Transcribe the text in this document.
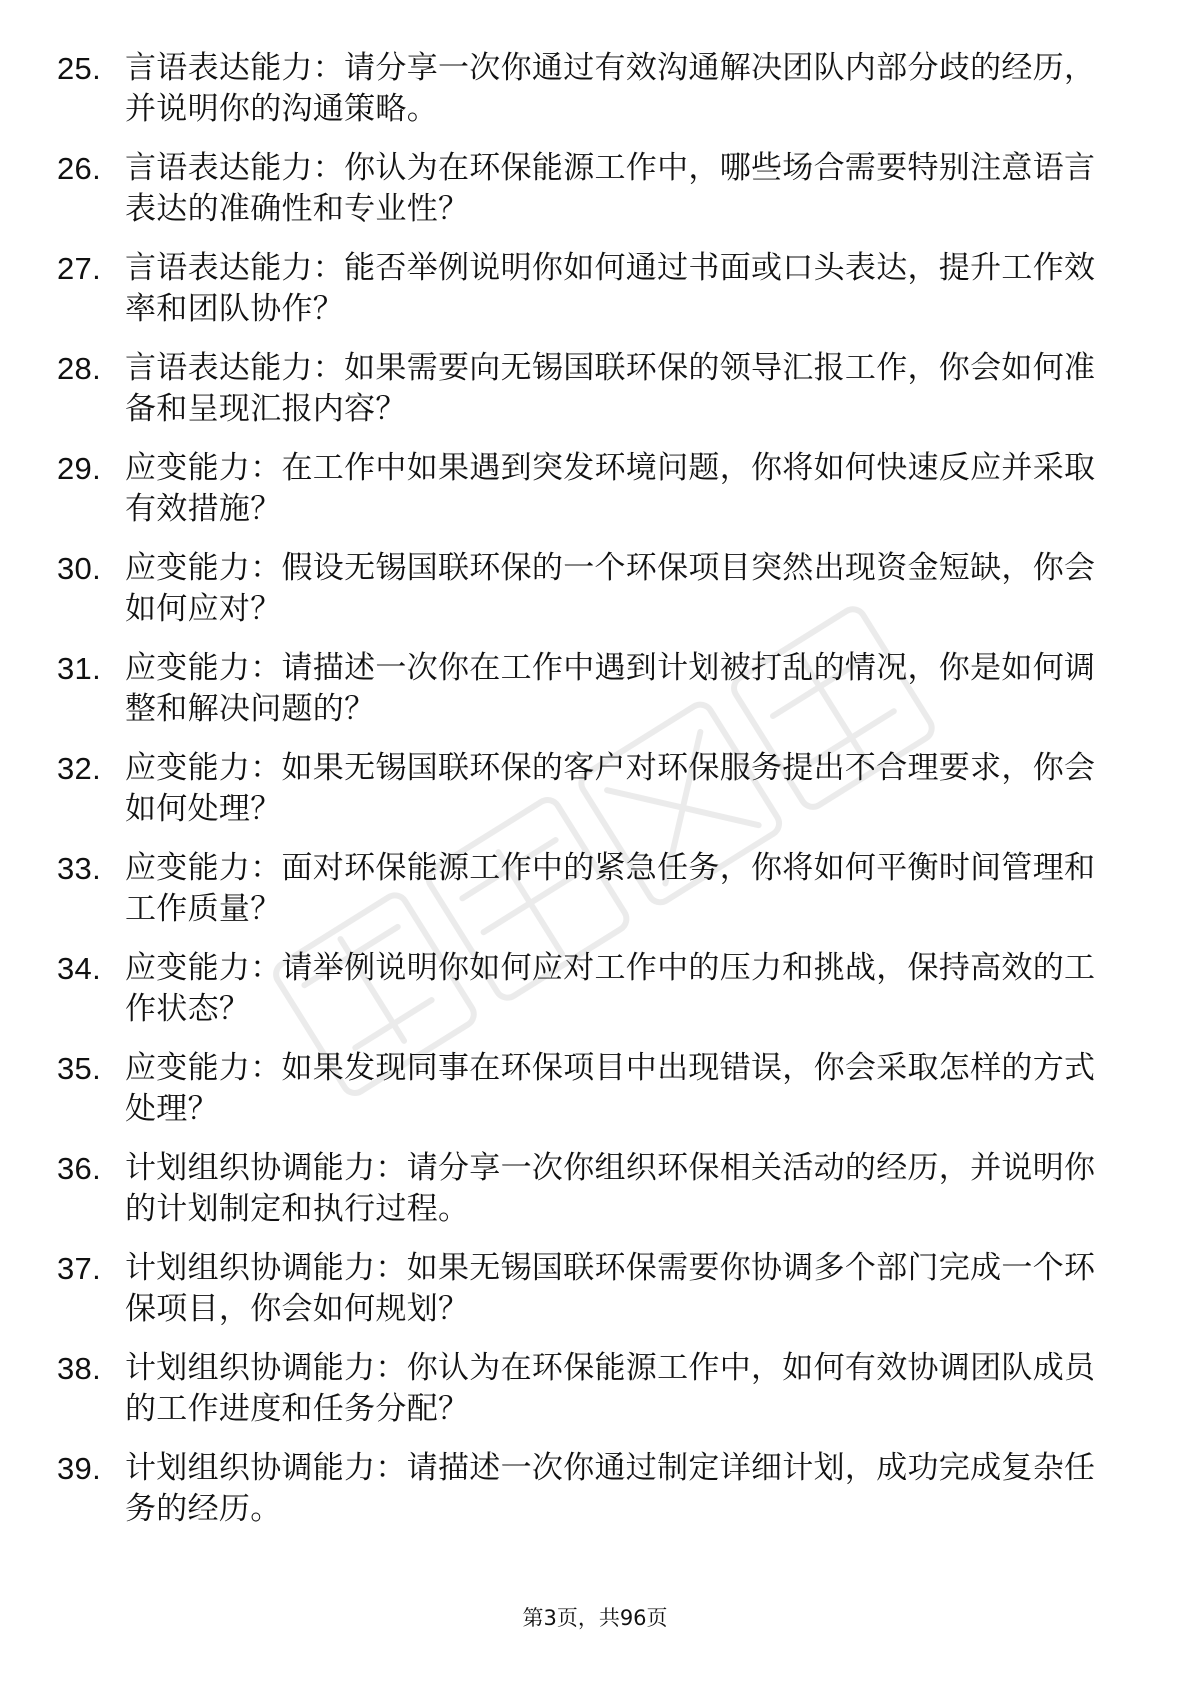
25. 言语表达能力：请分享一次你通过有效沟通解决团队内部分歧的经历，并说明你的沟通策略。
26. 言语表达能力：你认为在环保能源工作中，哪些场合需要特别注意语言表达的准确性和专业性？
27. 言语表达能力：能否举例说明你如何通过书面或口头表达，提升工作效率和团队协作？
28. 言语表达能力：如果需要向无锡国联环保的领导汇报工作，你会如何准备和呈现汇报内容？
29. 应变能力：在工作中如果遇到突发环境问题，你将如何快速反应并采取有效措施？
30. 应变能力：假设无锡国联环保的一个环保项目突然出现资金短缺，你会如何应对？
31. 应变能力：请描述一次你在工作中遇到计划被打乱的情况，你是如何调整和解决问题的？
32. 应变能力：如果无锡国联环保的客户对环保服务提出不合理要求，你会如何处理？
33. 应变能力：面对环保能源工作中的紧急任务，你将如何平衡时间管理和工作质量？
34. 应变能力：请举例说明你如何应对工作中的压力和挑战，保持高效的工作状态？
35. 应变能力：如果发现同事在环保项目中出现错误，你会采取怎样的方式处理？
36. 计划组织协调能力：请分享一次你组织环保相关活动的经历，并说明你的计划制定和执行过程。
37. 计划组织协调能力：如果无锡国联环保需要你协调多个部门完成一个环保项目，你会如何规划？
38. 计划组织协调能力：你认为在环保能源工作中，如何有效协调团队成员的工作进度和任务分配？
39. 计划组织协调能力：请描述一次你通过制定详细计划，成功完成复杂任务的经历。
第3页，共96页
